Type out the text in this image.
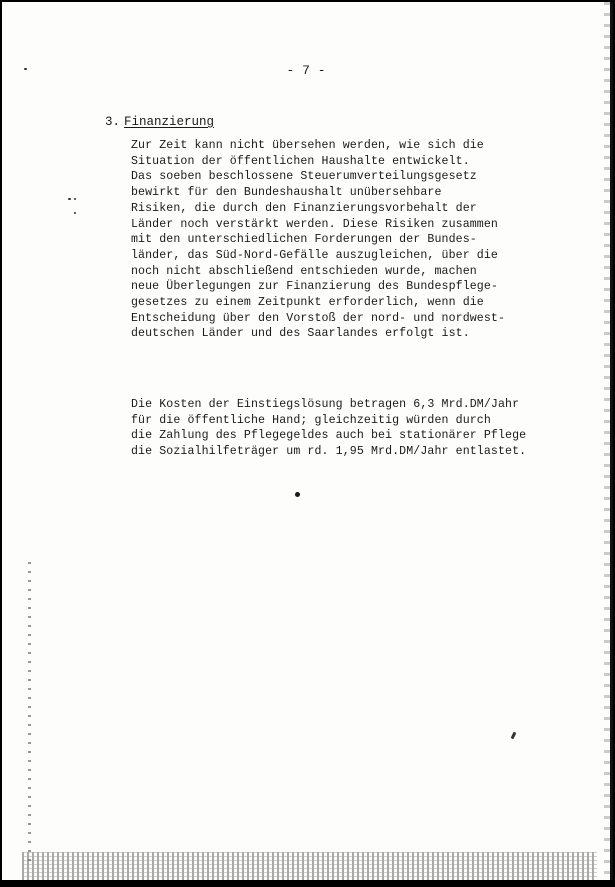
- 7 -
3. Finanzierung
Zur Zeit kann nicht übersehen werden, wie sich die
Situation der öffentlichen Haushalte entwickelt.
Das soeben beschlossene Steuerumverteilungsgesetz
bewirkt für den Bundeshaushalt unübersehbare
Risiken, die durch den Finanzierungsvorbehalt der
Länder noch verstärkt werden. Diese Risiken zusammen
mit den unterschiedlichen Forderungen der Bundes-
länder, das Süd-Nord-Gefälle auszugleichen, über die
noch nicht abschließend entschieden wurde, machen
neue Überlegungen zur Finanzierung des Bundespflege-
gesetzes zu einem Zeitpunkt erforderlich, wenn die
Entscheidung über den Vorstoß der nord- und nordwest-
deutschen Länder und des Saarlandes erfolgt ist.
Die Kosten der Einstiegslösung betragen 6,3 Mrd.DM/Jahr
für die öffentliche Hand; gleichzeitig würden durch
die Zahlung des Pflegegeldes auch bei stationärer Pflege
die Sozialhilfeträger um rd. 1,95 Mrd.DM/Jahr entlastet.
